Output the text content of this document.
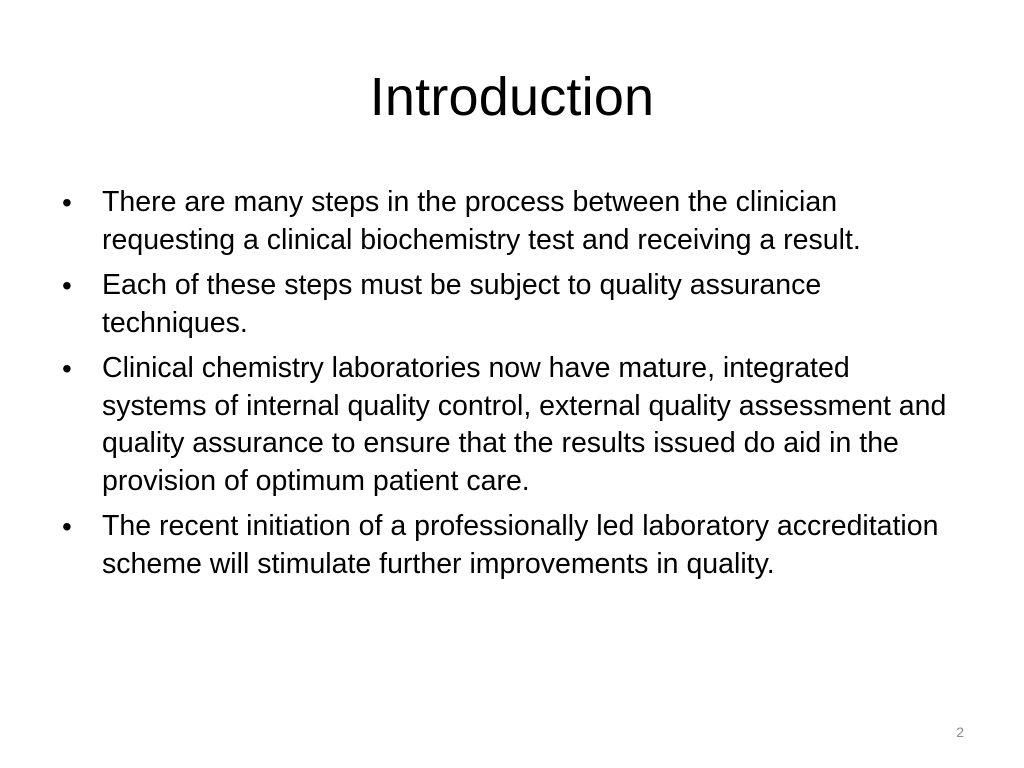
Introduction
•	There are many steps in the process between the clinician requesting a clinical biochemistry test and receiving a result.
•	Each of these steps must be subject to quality assurance techniques.
•	Clinical chemistry laboratories now have mature, integrated systems of internal quality control, external quality assessment and quality assurance to ensure that the results issued do aid in the provision of optimum patient care.
•	The recent initiation of a professionally led laboratory accreditation scheme will stimulate further improvements in quality.
2
